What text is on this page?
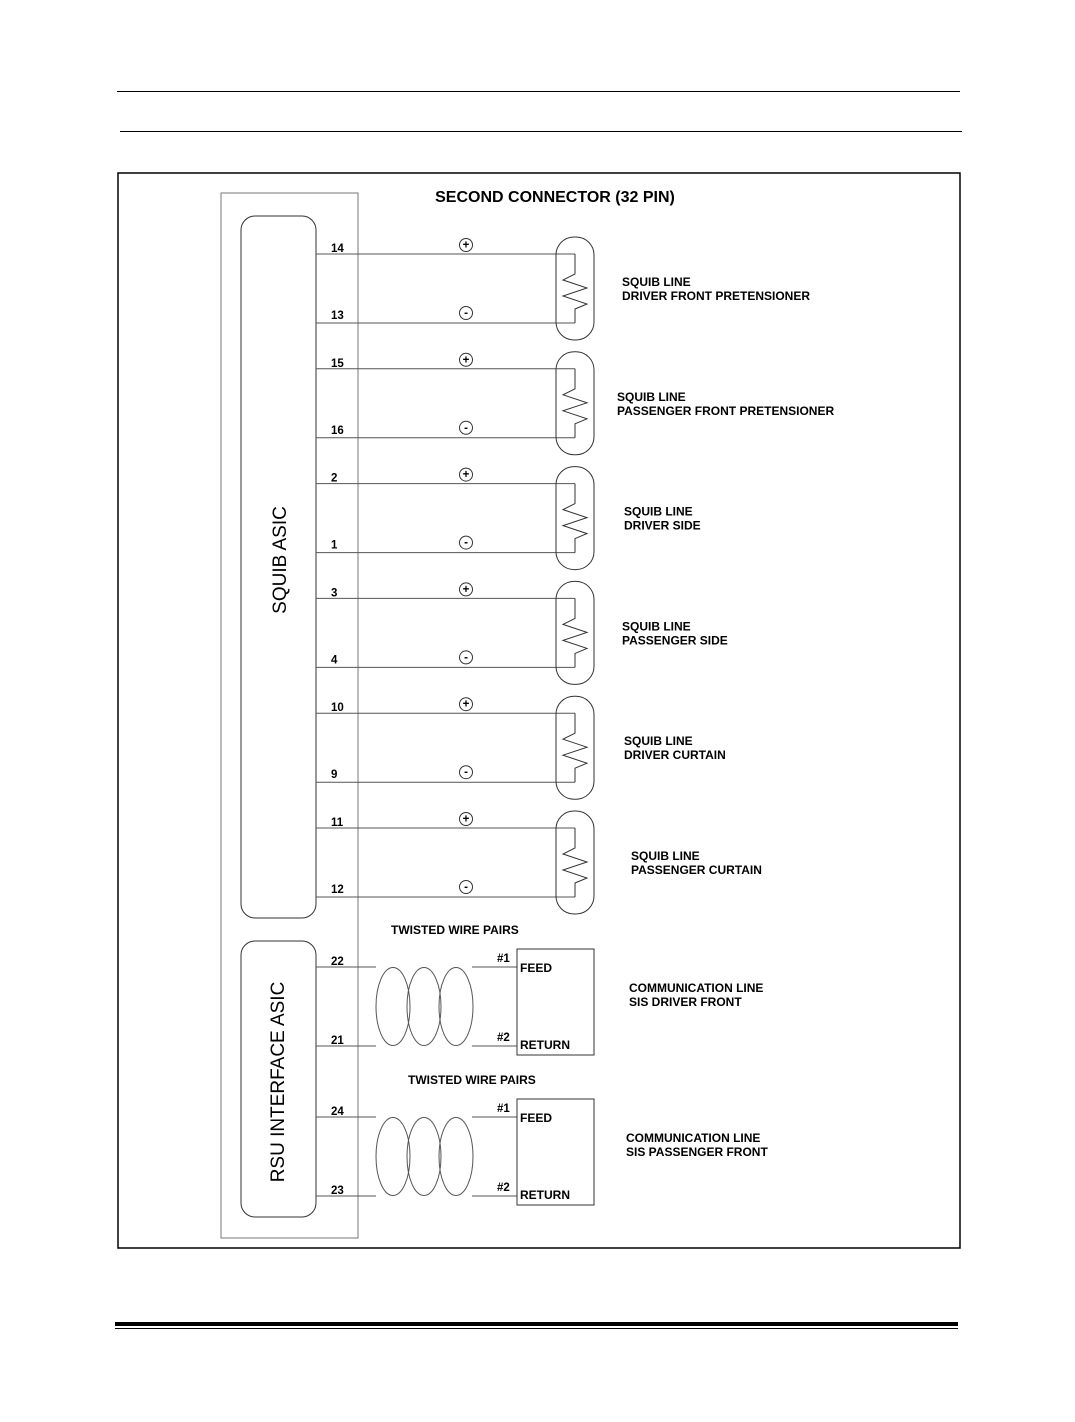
SECOND CONNECTOR (32 PIN)
SQUIB ASIC
RSU INTERFACE ASIC
14
13
+
-
SQUIB LINE
DRIVER FRONT PRETENSIONER
15
16
+
-
SQUIB LINE
PASSENGER FRONT PRETENSIONER
2
1
+
-
SQUIB LINE
DRIVER SIDE
3
4
+
-
SQUIB LINE
PASSENGER SIDE
10
9
+
-
SQUIB LINE
DRIVER CURTAIN
11
12
+
-
SQUIB LINE
PASSENGER CURTAIN
TWISTED WIRE PAIRS
22
21
#1
#2
FEED
RETURN
COMMUNICATION LINE
SIS DRIVER FRONT
TWISTED WIRE PAIRS
24
23
#1
#2
FEED
RETURN
COMMUNICATION LINE
SIS PASSENGER FRONT
